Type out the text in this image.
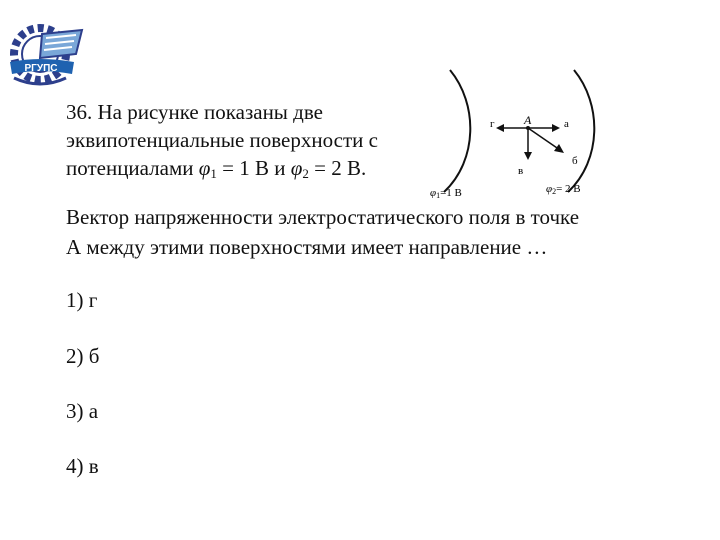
РГУПС
36. На рисунке показаны две
эквипотенциальные поверхности с
потенциалами $\varphi_1 = 1$ В и $\varphi_2 = 2$ В.
A
г	а
б
в
φ1=1 В	φ2= 2 В
Вектор напряженности электростатического поля в точке
А между этими поверхностями имеет направление …
1) г
2) б
3) а
4) в
